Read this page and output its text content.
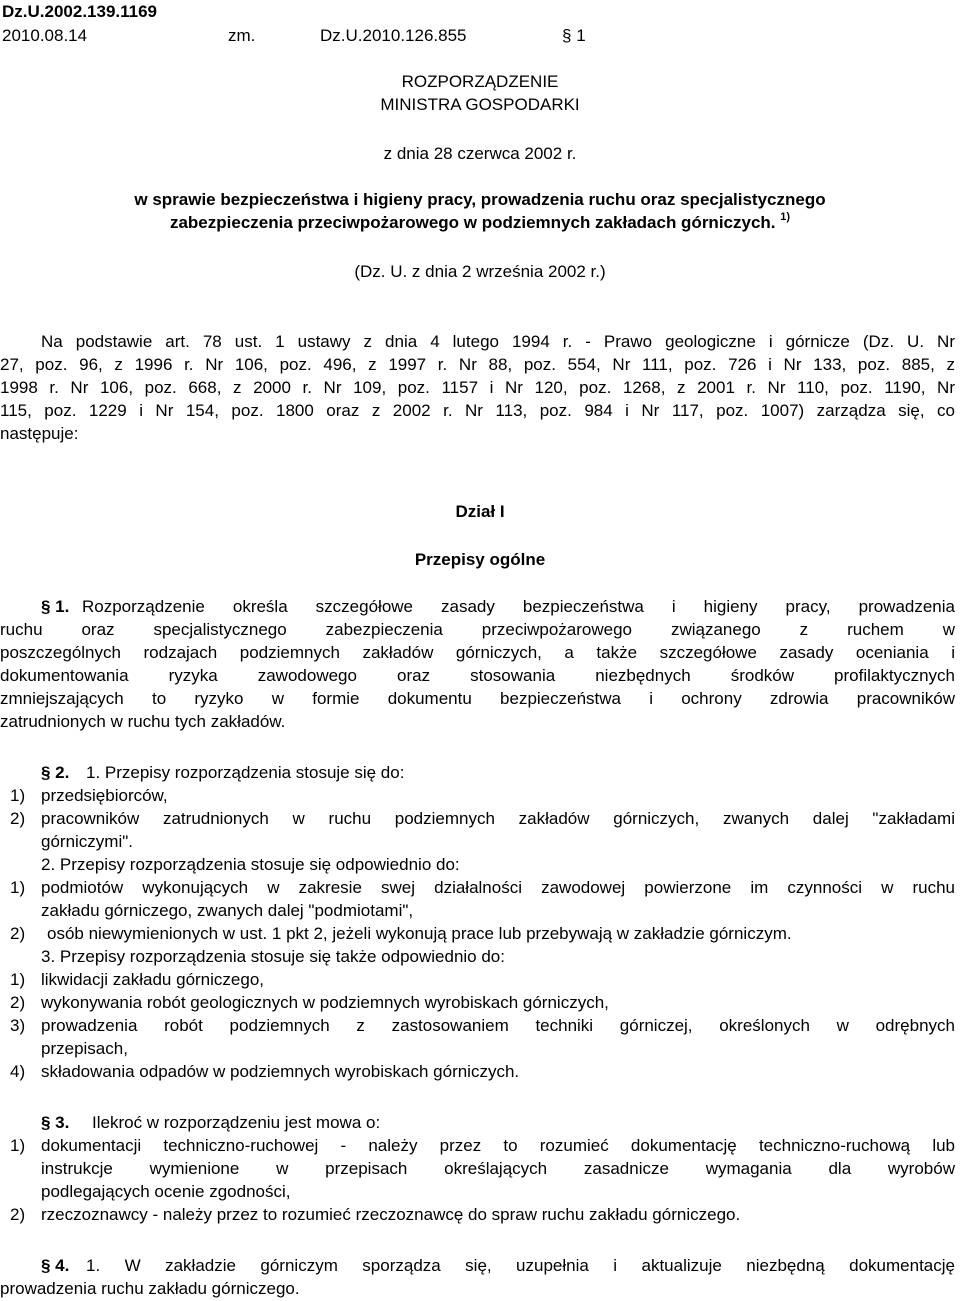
Dz.U.2002.139.1169
2010.08.14	zm.	Dz.U.2010.126.855	§ 1
ROZPORZĄDZENIE
MINISTRA GOSPODARKI
z dnia 28 czerwca 2002 r.
w sprawie bezpieczeństwa i higieny pracy, prowadzenia ruchu oraz specjalistycznego
zabezpieczenia przeciwpożarowego w podziemnych zakładach górniczych. $^{1)}$
(Dz. U. z dnia 2 września 2002 r.)
Na podstawie art. 78 ust. 1 ustawy z dnia 4 lutego 1994 r. - Prawo geologiczne i górnicze (Dz. U. Nr
27, poz. 96, z 1996 r. Nr 106, poz. 496, z 1997 r. Nr 88, poz. 554, Nr 111, poz. 726 i Nr 133, poz. 885, z
1998 r. Nr 106, poz. 668, z 2000 r. Nr 109, poz. 1157 i Nr 120, poz. 1268, z 2001 r. Nr 110, poz. 1190, Nr
115, poz. 1229 i Nr 154, poz. 1800 oraz z 2002 r. Nr 113, poz. 984 i Nr 117, poz. 1007) zarządza się, co
następuje:
Dział I
Przepisy ogólne
§ 1. Rozporządzenie określa szczegółowe zasady bezpieczeństwa i higieny pracy, prowadzenia
ruchu oraz specjalistycznego zabezpieczenia przeciwpożarowego związanego z ruchem w
poszczególnych rodzajach podziemnych zakładów górniczych, a także szczegółowe zasady oceniania i
dokumentowania ryzyka zawodowego oraz stosowania niezbędnych środków profilaktycznych
zmniejszających to ryzyko w formie dokumentu bezpieczeństwa i ochrony zdrowia pracowników
zatrudnionych w ruchu tych zakładów.
§ 2. 1. Przepisy rozporządzenia stosuje się do:
1) przedsiębiorców,
2) pracowników zatrudnionych w ruchu podziemnych zakładów górniczych, zwanych dalej "zakładami
górniczymi".
2. Przepisy rozporządzenia stosuje się odpowiednio do:
1) podmiotów wykonujących w zakresie swej działalności zawodowej powierzone im czynności w ruchu
zakładu górniczego, zwanych dalej "podmiotami",
2) osób niewymienionych w ust. 1 pkt 2, jeżeli wykonują prace lub przebywają w zakładzie górniczym.
3. Przepisy rozporządzenia stosuje się także odpowiednio do:
1) likwidacji zakładu górniczego,
2) wykonywania robót geologicznych w podziemnych wyrobiskach górniczych,
3) prowadzenia robót podziemnych z zastosowaniem techniki górniczej, określonych w odrębnych
przepisach,
4) składowania odpadów w podziemnych wyrobiskach górniczych.
§ 3. Ilekroć w rozporządzeniu jest mowa o:
1) dokumentacji techniczno-ruchowej - należy przez to rozumieć dokumentację techniczno-ruchową lub
instrukcje wymienione w przepisach określających zasadnicze wymagania dla wyrobów
podlegających ocenie zgodności,
2) rzeczoznawcy - należy przez to rozumieć rzeczoznawcę do spraw ruchu zakładu górniczego.
§ 4. 1. W zakładzie górniczym sporządza się, uzupełnia i aktualizuje niezbędną dokumentację
prowadzenia ruchu zakładu górniczego.
